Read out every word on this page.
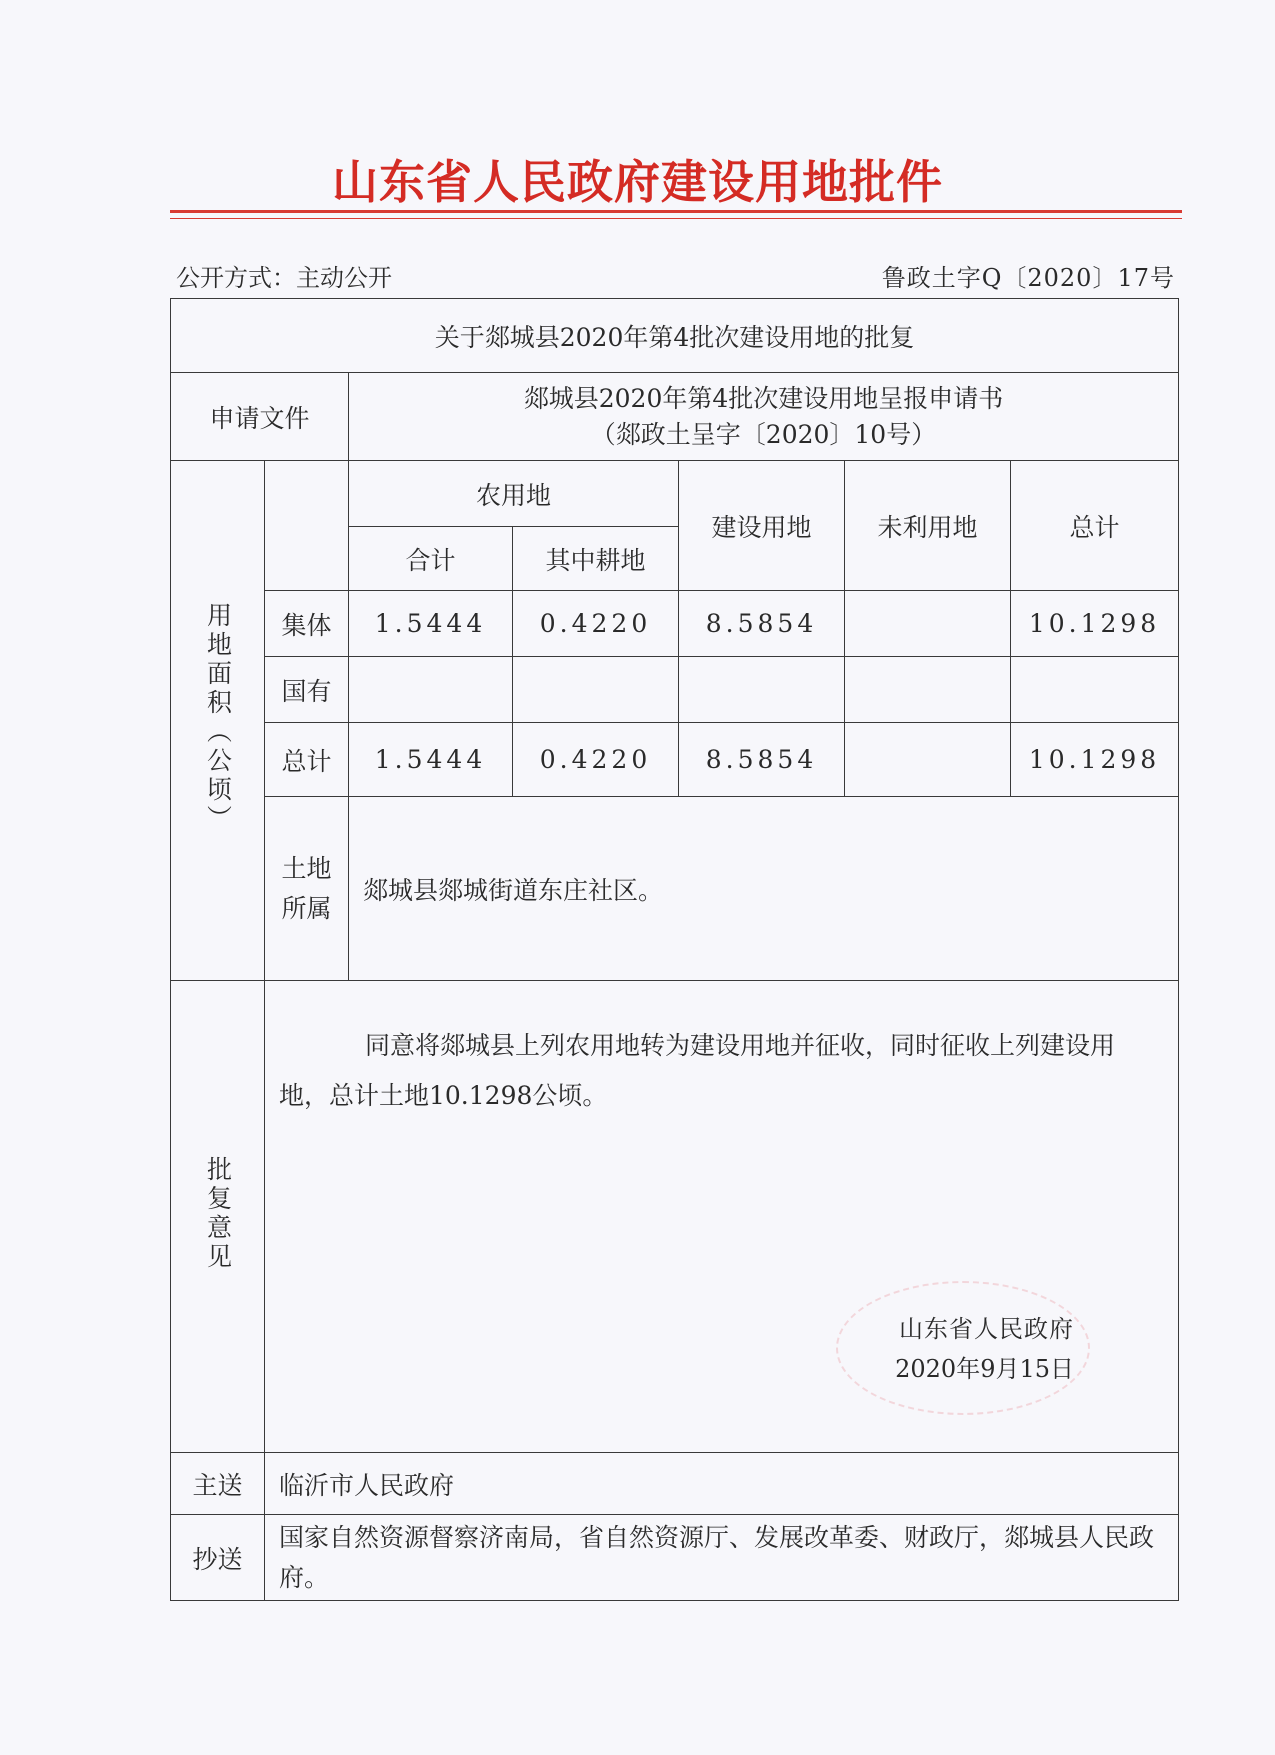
山东省人民政府建设用地批件
公开方式：主动公开	鲁政土字Q〔2020〕17号
关于郯城县2020年第4批次建设用地的批复						
申请文件		郯城县2020年第4批次建设用地呈报申请书
（郯政土呈字〔2020〕10号）				

用地面积（公顷）		农用地		建设用地	未利用地	总计
		合计	其中耕地			
	集体	1.5444	0.4220	8.5854		10.1298
	国有					
	总计	1.5444	0.4220	8.5854		10.1298
	土地所属	郯城县郯城街道东庄社区。				
批复意见	同意将郯城县上列农用地转为建设用地并征收，同时征收上列建设用地，总计土地10.1298公顷。
山东省人民政府
2020年9月15日					

主送	临沂市人民政府					
抄送	国家自然资源督察济南局，省自然资源厅、发展改革委、财政厅，郯城县人民政府。					
